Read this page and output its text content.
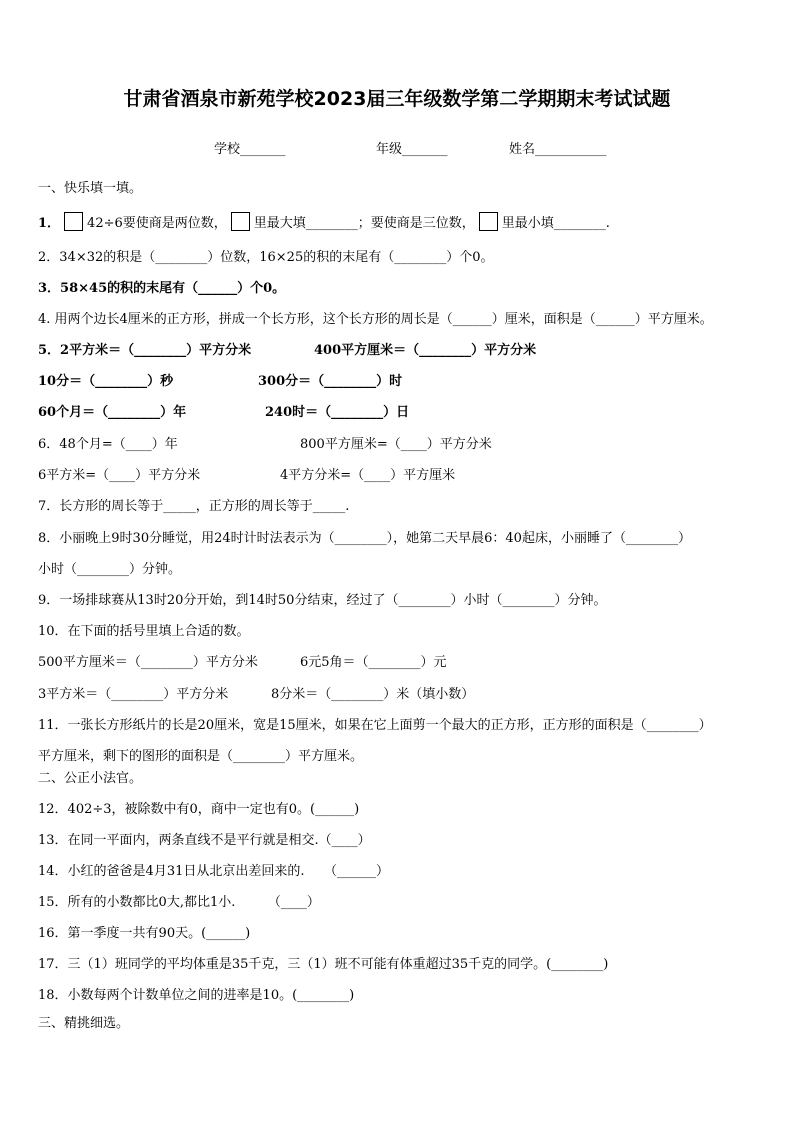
甘肃省酒泉市新苑学校2023届三年级数学第二学期期末考试试题
学校_______	年级_______	姓名___________
一、快乐填一填。
1． 42÷6要使商是两位数， 里最大填________；要使商是三位数， 里最小填________.
2．34×32的积是（________）位数，16×25的积的末尾有（________）个0。
3．58×45的积的末尾有（______）个0。
4. 用两个边长4厘米的正方形，拼成一个长方形，这个长方形的周长是（______）厘米，面积是（______）平方厘米。
5．2平方米＝（________）平方分米	400平方厘米＝（________）平方分米
10分＝（________）秒	300分＝（________）时
60个月＝（________）年	240时＝（________）日
6．48个月=（____）年	800平方厘米=（____）平方分米
6平方米=（____）平方分米	4平方分米=（____）平方厘米
7．长方形的周长等于_____，正方形的周长等于_____.
8．小丽晚上9时30分睡觉，用24时计时法表示为（________），她第二天早晨6：40起床，小丽睡了（________）
小时（________）分钟。
9．一场排球赛从13时20分开始，到14时50分结束，经过了（________）小时（________）分钟。
10．在下面的括号里填上合适的数。
500平方厘米＝（________）平方分米	6元5角＝（________）元
3平方米＝（________）平方分米	8分米＝（________）米（填小数）
11．一张长方形纸片的长是20厘米，宽是15厘米，如果在它上面剪一个最大的正方形，正方形的面积是（________）
平方厘米，剩下的图形的面积是（________）平方厘米。
二、公正小法官。
12．402÷3，被除数中有0，商中一定也有0。(______)
13．在同一平面内，两条直线不是平行就是相交.（____）
14．小红的爸爸是4月31日从北京出差回来的.　　（______）
15．所有的小数都比0大,都比1小.　　　（____）
16．第一季度一共有90天。(______)
17．三（1）班同学的平均体重是35千克，三（1）班不可能有体重超过35千克的同学。(________)
18．小数每两个计数单位之间的进率是10。(________)
三、精挑细选。
